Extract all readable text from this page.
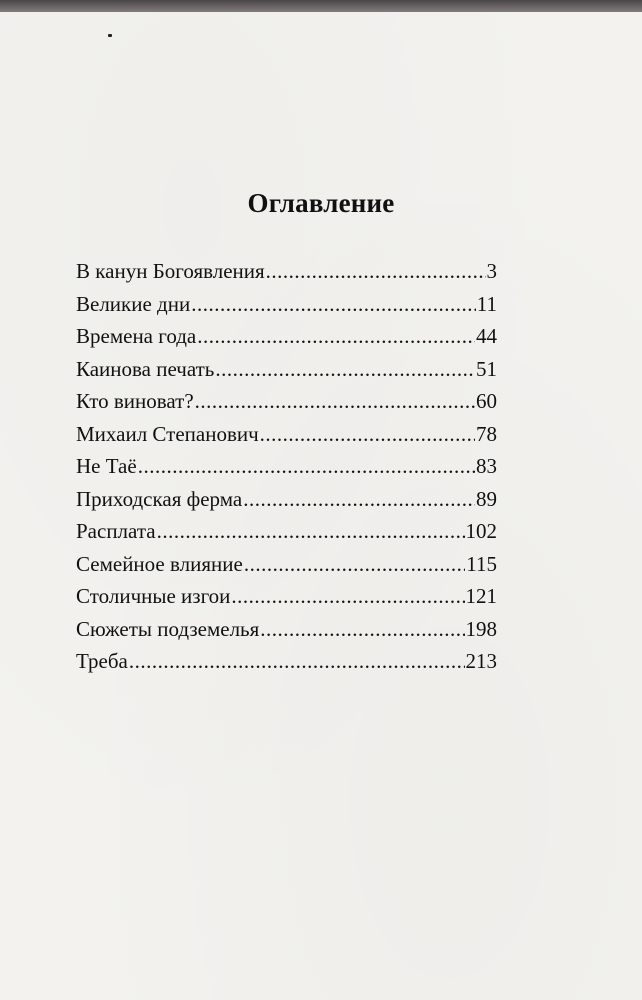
Оглавление
В канун Богоявления .....	3
Великие дни .....	11
Времена года .....	44
Каинова печать .....	51
Кто виноват? .....	60
Михаил Степанович .....	78
Не Таё .....	83
Приходская ферма .....	89
Расплата .....	102
Семейное влияние .....	115
Столичные изгои .....	121
Сюжеты подземелья .....	198
Треба .....	213
